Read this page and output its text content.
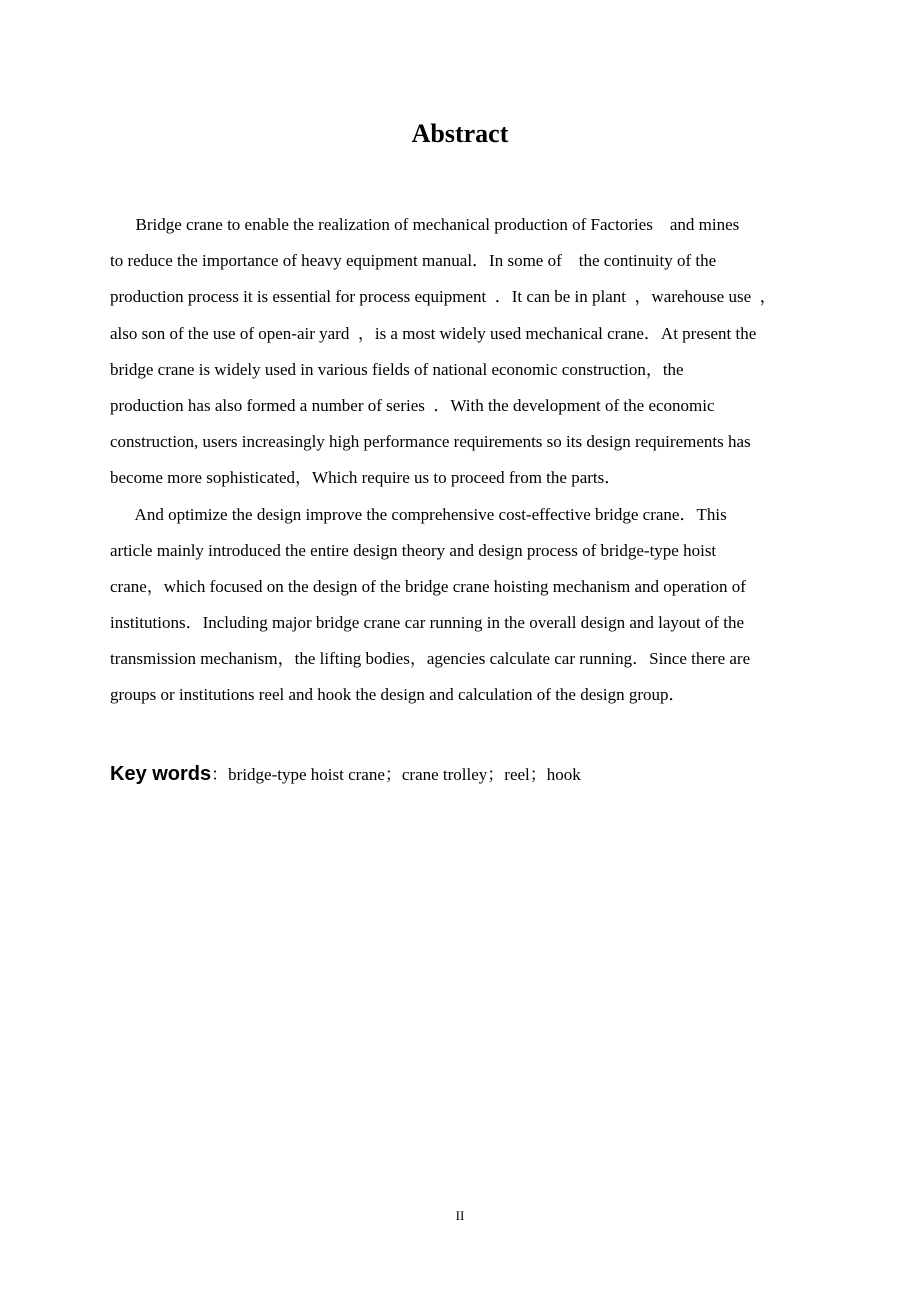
Abstract
Bridge crane to enable the realization of mechanical production of Factories    and mines
to reduce the importance of heavy equipment manual．In some of    the continuity of the
production process it is essential for process equipment  ．It can be in plant  ，warehouse use  ，
also son of the use of open-air yard  ，is a most widely used mechanical crane．At present the
bridge crane is widely used in various fields of national economic construction，the
production has also formed a number of series  ．With the development of the economic
construction, users increasingly high performance requirements so its design requirements has
become more sophisticated，Which require us to proceed from the parts．
And optimize the design improve the comprehensive cost-effective bridge crane．This
article mainly introduced the entire design theory and design process of bridge-type hoist
crane，which focused on the design of the bridge crane hoisting mechanism and operation of
institutions．Including major bridge crane car running in the overall design and layout of the
transmission mechanism，the lifting bodies，agencies calculate car running．Since there are
groups or institutions reel and hook the design and calculation of the design group．
Key words：bridge-type hoist crane；crane trolley；reel；hook
II
